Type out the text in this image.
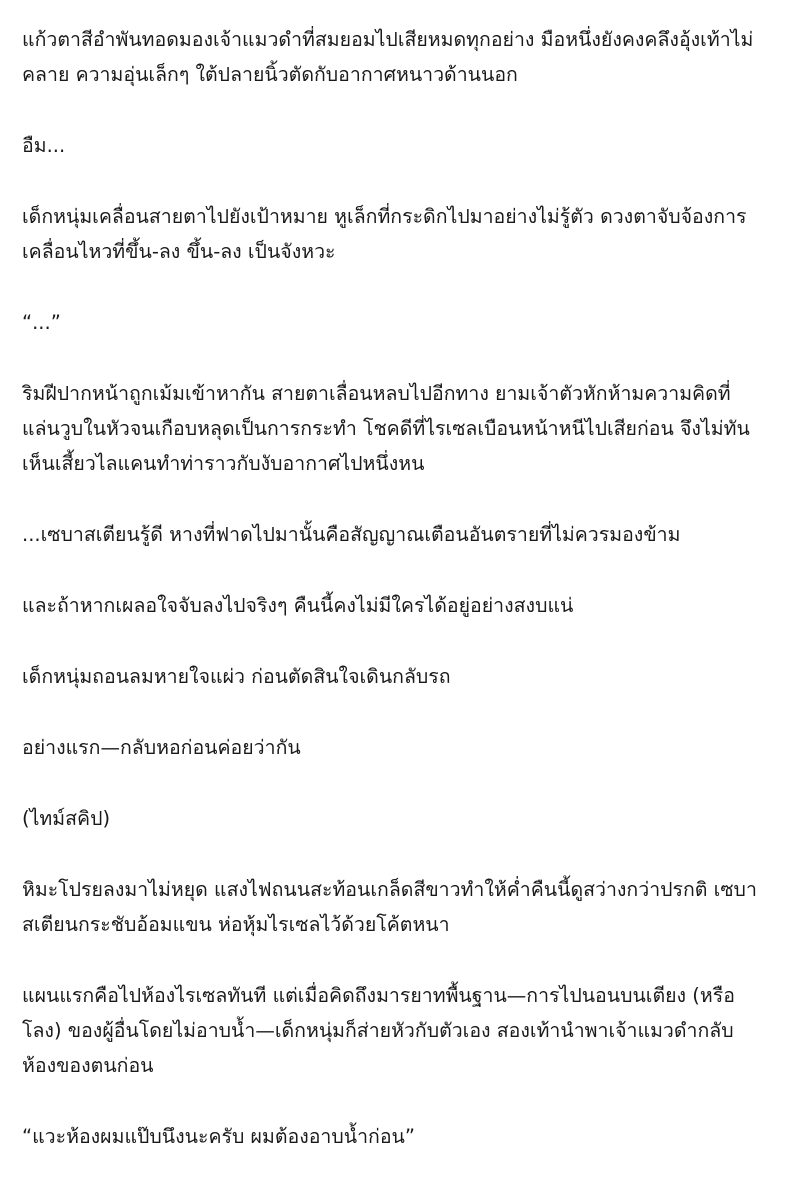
แก้วตาสีอำพันทอดมองเจ้าแมวดำที่สมยอมไปเสียหมดทุกอย่าง มือหนึ่งยังคงคลึงอุ้งเท้าไม่
คลาย ความอุ่นเล็กๆ ใต้ปลายนิ้วตัดกับอากาศหนาวด้านนอก

อืม...

เด็กหนุ่มเคลื่อนสายตาไปยังเป้าหมาย หูเล็กที่กระดิกไปมาอย่างไม่รู้ตัว ดวงตาจับจ้องการ
เคลื่อนไหวที่ขึ้น-ลง ขึ้น-ลง เป็นจังหวะ

“...”

ริมฝีปากหน้าถูกเม้มเข้าหากัน สายตาเลื่อนหลบไปอีกทาง ยามเจ้าตัวหักห้ามความคิดที่
แล่นวูบในหัวจนเกือบหลุดเป็นการกระทำ โชคดีที่ไรเซลเบือนหน้าหนีไปเสียก่อน จึงไม่ทัน
เห็นเสี้ยวไลแคนทำท่าราวกับงับอากาศไปหนึ่งหน

...เซบาสเตียนรู้ดี หางที่ฟาดไปมานั้นคือสัญญาณเตือนอันตรายที่ไม่ควรมองข้าม

และถ้าหากเผลอใจจับลงไปจริงๆ คืนนี้คงไม่มีใครได้อยู่อย่างสงบแน่

เด็กหนุ่มถอนลมหายใจแผ่ว ก่อนตัดสินใจเดินกลับรถ

อย่างแรก—กลับหอก่อนค่อยว่ากัน

(ไทม์สคิป)

หิมะโปรยลงมาไม่หยุด แสงไฟถนนสะท้อนเกล็ดสีขาวทำให้ค่ำคืนนี้ดูสว่างกว่าปรกติ เซบา
สเตียนกระชับอ้อมแขน ห่อหุ้มไรเซลไว้ด้วยโค้ตหนา

แผนแรกคือไปห้องไรเซลทันที แต่เมื่อคิดถึงมารยาทพื้นฐาน—การไปนอนบนเตียง (หรือ
โลง) ของผู้อื่นโดยไม่อาบน้ำ—เด็กหนุ่มก็ส่ายหัวกับตัวเอง สองเท้านำพาเจ้าแมวดำกลับ
ห้องของตนก่อน

“แวะห้องผมแป๊บนึงนะครับ ผมต้องอาบน้ำก่อน”
